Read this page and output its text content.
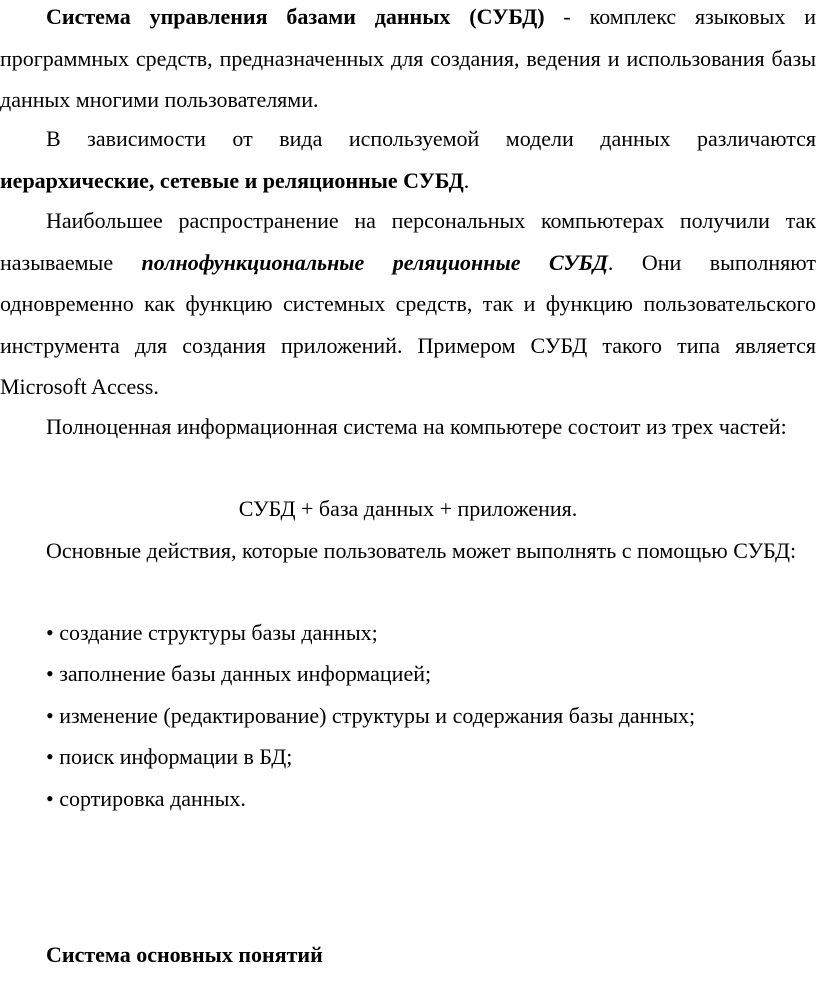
Система управления базами данных (СУБД) - комплекс языковых и программных средств, предназначенных для создания, ведения и использования базы данных многими пользователями.

В зависимости от вида используемой модели данных различаются иерархические, сетевые и реляционные СУБД.

Наибольшее распространение на персональных компьютерах получили так называемые полнофункциональные реляционные СУБД. Они выполняют одновременно как функцию системных средств, так и функцию пользовательского инструмента для создания приложений. Примером СУБД такого типа является Microsoft Access.

Полноценная информационная система на компьютере состоит из трех частей:

СУБД + база данных + приложения.

Основные действия, которые пользователь может выполнять с помощью СУБД:

• создание структуры базы данных;

• заполнение базы данных информацией;

• изменение (редактирование) структуры и содержания базы данных;

• поиск информации в БД;

• сортировка данных.

Система основных понятий
